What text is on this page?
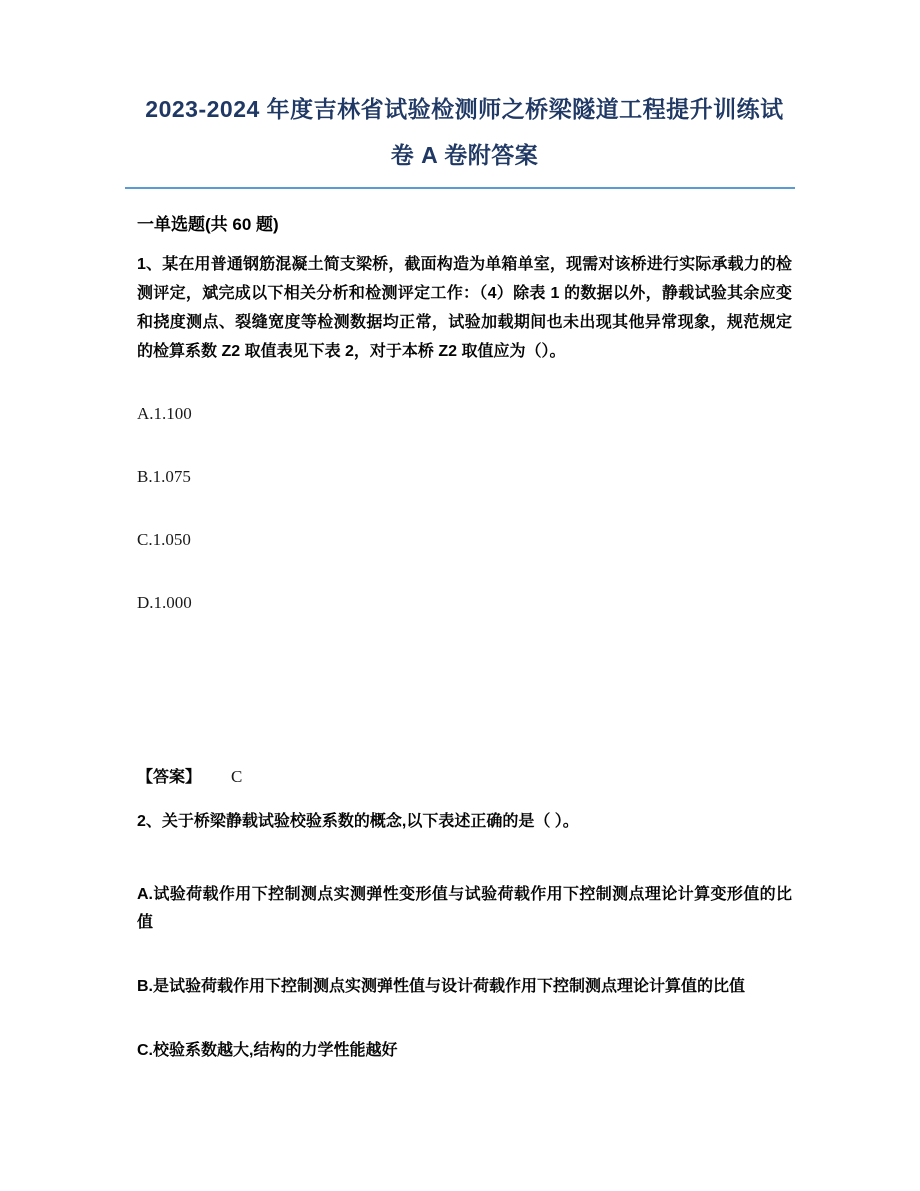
2023-2024 年度吉林省试验检测师之桥梁隧道工程提升训练试卷 A 卷附答案
一单选题(共 60 题)
1、某在用普通钢筋混凝土简支梁桥，截面构造为单箱单室，现需对该桥进行实际承载力的检测评定，斌完成以下相关分析和检测评定工作：（4）除表 1 的数据以外，静载试验其余应变和挠度测点、裂缝宽度等检测数据均正常，试验加载期间也未出现其他异常现象，规范规定的检算系数 Z2 取值表见下表 2，对于本桥 Z2 取值应为（）。
A.1.100
B.1.075
C.1.050
D.1.000
【答案】 C
2、关于桥梁静载试验校验系数的概念,以下表述正确的是（ ）。
A.试验荷载作用下控制测点实测弹性变形值与试验荷载作用下控制测点理论计算变形值的比值
B.是试验荷载作用下控制测点实测弹性值与设计荷载作用下控制测点理论计算值的比值
C.校验系数越大,结构的力学性能越好
